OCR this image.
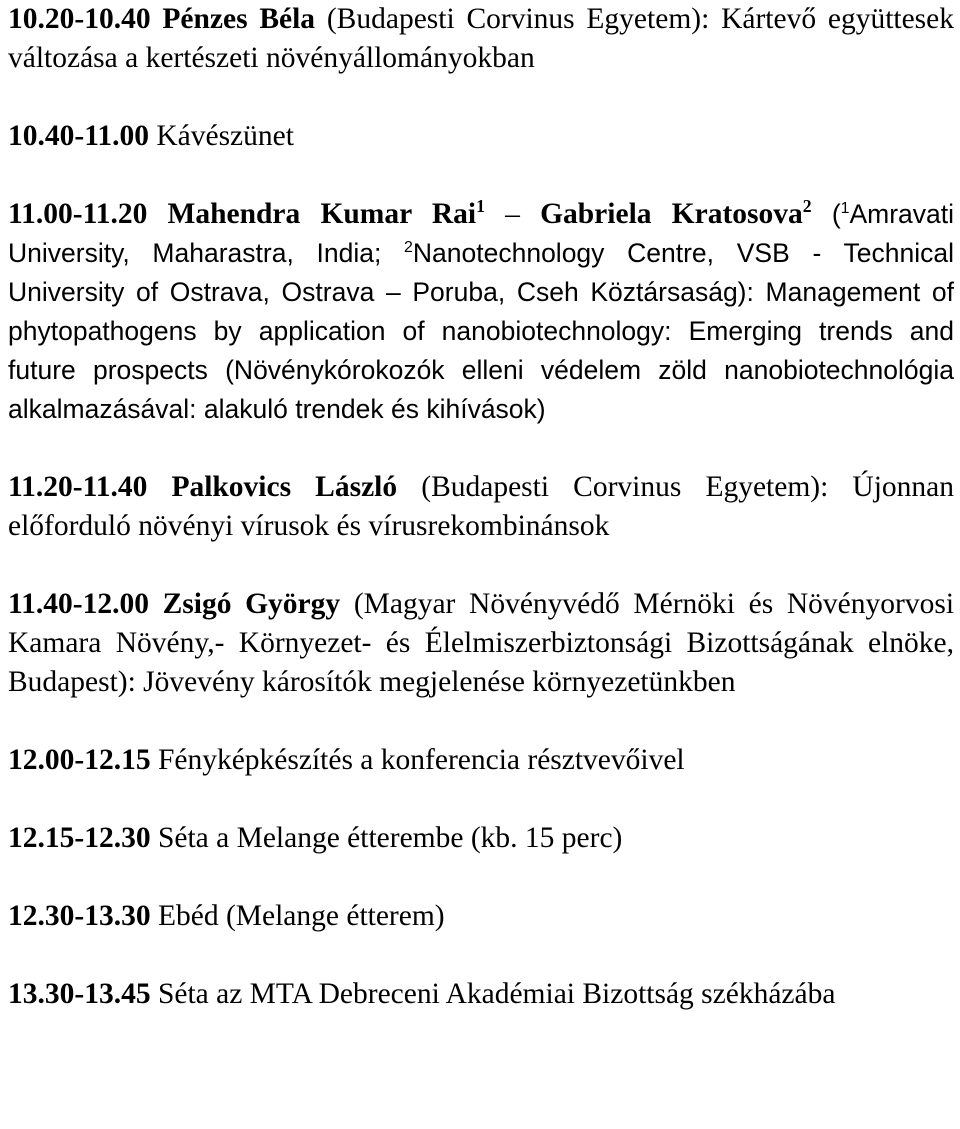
10.20-10.40 Pénzes Béla (Budapesti Corvinus Egyetem): Kártevő együttesek változása a kertészeti növényállományokban

10.40-11.00 Kávészünet

11.00-11.20 Mahendra Kumar Rai$^1$ – Gabriela Kratosova$^2$ ($^1$Amravati University, Maharastra, India; $^2$Nanotechnology Centre, VSB - Technical University of Ostrava, Ostrava – Poruba, Cseh Köztársaság): Management of phytopathogens by application of nanobiotechnology: Emerging trends and future prospects (Növénykórokozók elleni védelem zöld nanobiotechnológia alkalmazásával: alakuló trendek és kihívások)

11.20-11.40 Palkovics László (Budapesti Corvinus Egyetem): Újonnan előforduló növényi vírusok és vírusrekombinánsok

11.40-12.00 Zsigó György (Magyar Növényvédő Mérnöki és Növényorvosi Kamara Növény,- Környezet- és Élelmiszerbiztonsági Bizottságának elnöke, Budapest): Jövevény károsítók megjelenése környezetünkben

12.00-12.15 Fényképkészítés a konferencia résztvevőivel

12.15-12.30 Séta a Melange étterembe (kb. 15 perc)

12.30-13.30 Ebéd (Melange étterem)

13.30-13.45 Séta az MTA Debreceni Akadémiai Bizottság székházába
